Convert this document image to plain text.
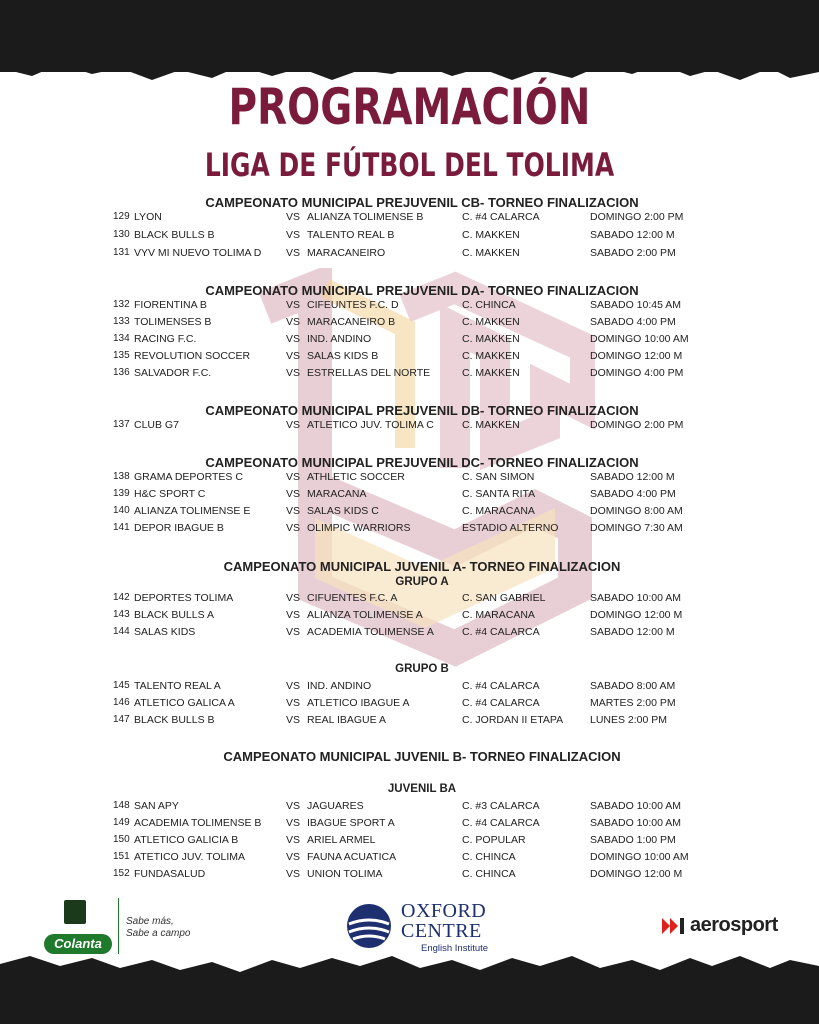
PROGRAMACIÓN
LIGA DE FÚTBOL DEL TOLIMA
CAMPEONATO MUNICIPAL PREJUVENIL CB- TORNEO FINALIZACION
129 LYON	VS ALIANZA TOLIMENSE B	C. #4 CALARCA	DOMINGO 2:00 PM
130 BLACK BULLS B	VS TALENTO REAL B	C. MAKKEN	SABADO 12:00 M
131 VYV MI NUEVO TOLIMA D VS MARACANEIRO	C. MAKKEN	SABADO 2:00 PM
CAMPEONATO MUNICIPAL PREJUVENIL DA- TORNEO FINALIZACION
132 FIORENTINA B	VS CIFEUNTES F.C. D	C. CHINCA	SABADO 10:45 AM
133 TOLIMENSES B	VS MARACANEIRO B	C. MAKKEN	SABADO 4:00 PM
134 RACING F.C.	VS IND. ANDINO	C. MAKKEN	DOMINGO 10:00 AM
135 REVOLUTION SOCCER	VS SALAS KIDS B	C. MAKKEN	DOMINGO 12:00 M
136 SALVADOR F.C.	VS ESTRELLAS DEL NORTE	C. MAKKEN	DOMINGO 4:00 PM
CAMPEONATO MUNICIPAL PREJUVENIL DB- TORNEO FINALIZACION
137 CLUB G7	VS ATLETICO JUV. TOLIMA C	C. MAKKEN	DOMINGO 2:00 PM
CAMPEONATO MUNICIPAL PREJUVENIL DC- TORNEO FINALIZACION
138 GRAMA DEPORTES C	VS ATHLETIC SOCCER	C. SAN SIMON	SABADO 12:00 M
139 H&C SPORT C	VS MARACANA	C. SANTA RITA	SABADO 4:00 PM
140 ALIANZA TOLIMENSE E	VS SALAS KIDS C	C. MARACANA	DOMINGO 8:00 AM
141 DEPOR IBAGUE B	VS OLIMPIC WARRIORS	ESTADIO ALTERNO	DOMINGO 7:30 AM
CAMPEONATO MUNICIPAL JUVENIL A- TORNEO FINALIZACION
GRUPO A
142 DEPORTES TOLIMA	VS CIFUENTES F.C. A	C. SAN GABRIEL	SABADO 10:00 AM
143 BLACK BULLS A	VS ALIANZA TOLIMENSE A	C. MARACANA	DOMINGO 12:00 M
144 SALAS KIDS	VS ACADEMIA TOLIMENSE A	C. #4 CALARCA	SABADO 12:00 M
GRUPO B
145 TALENTO REAL A	VS IND. ANDINO	C. #4 CALARCA	SABADO 8:00 AM
146 ATLETICO GALICA A	VS ATLETICO IBAGUE A	C. #4 CALARCA	MARTES 2:00 PM
147 BLACK BULLS B	VS REAL IBAGUE A	C. JORDAN II ETAPA	LUNES 2:00 PM
CAMPEONATO MUNICIPAL JUVENIL B- TORNEO FINALIZACION
JUVENIL BA
148 SAN APY	VS JAGUARES	C. #3 CALARCA	SABADO 10:00 AM
149 ACADEMIA TOLIMENSE B VS IBAGUE SPORT A	C. #4 CALARCA	SABADO 10:00 AM
150 ATLETICO GALICIA B	VS ARIEL ARMEL	C. POPULAR	SABADO 1:00 PM
151 ATETICO JUV. TOLIMA	VS FAUNA ACUATICA	C. CHINCA	DOMINGO 10:00 AM
152 FUNDASALUD	VS UNION TOLIMA	C. CHINCA	DOMINGO 12:00 M
Colanta
Sabe más,
Sabe a campo
OXFORD
CENTRE
English Institute
aerosport
